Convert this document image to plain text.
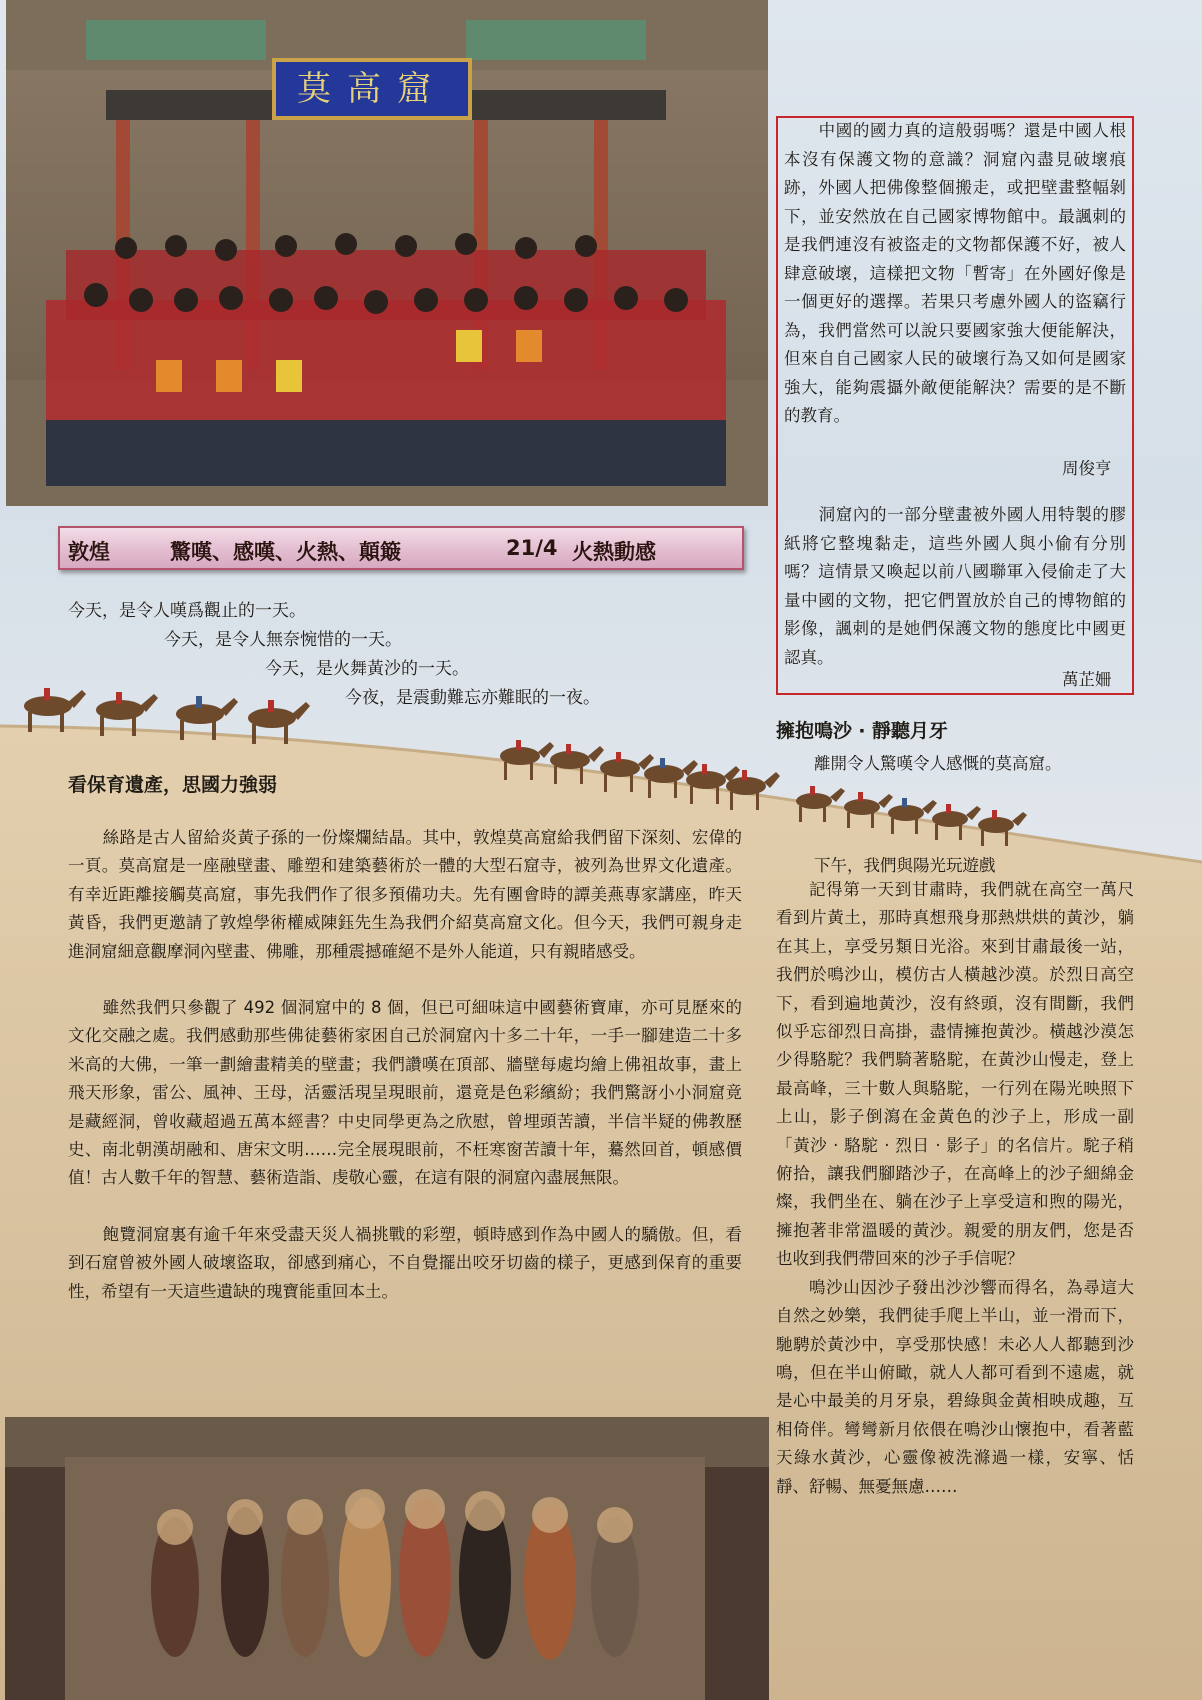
莫高窟
敦煌	驚嘆、感嘆、火熱、顛簸	21/4 火熱動感
今天，是令人嘆爲觀止的一天。
今天，是令人無奈惋惜的一天。
今天，是火舞黃沙的一天。
今夜，是震動難忘亦難眠的一夜。
看保育遺產，思國力強弱

絲路是古人留給炎黃子孫的一份燦爛結晶。其中，敦煌莫高窟給我們留下深刻、宏偉的一頁。莫高窟是一座融壁畫、雕塑和建築藝術於一體的大型石窟寺，被列為世界文化遺產。有幸近距離接觸莫高窟，事先我們作了很多預備功夫。先有團會時的譚美燕專家講座，昨天黃昏，我們更邀請了敦煌學術權威陳鈺先生為我們介紹莫高窟文化。但今天，我們可親身走進洞窟細意觀摩洞內壁畫、佛雕，那種震撼確絕不是外人能道，只有親睹感受。

雖然我們只參觀了 492 個洞窟中的 8 個，但已可細味這中國藝術寶庫，亦可見歷來的文化交融之處。我們感動那些佛徒藝術家困自己於洞窟內十多二十年，一手一腳建造二十多米高的大佛，一筆一劃繪畫精美的壁畫；我們讚嘆在頂部、牆壁每處均繪上佛祖故事，畫上飛天形象，雷公、風神、王母，活靈活現呈現眼前，還竟是色彩繽紛；我們驚訝小小洞窟竟是藏經洞，曾收藏超過五萬本經書？中史同學更為之欣慰，曾埋頭苦讀，半信半疑的佛教歷史、南北朝漢胡融和、唐宋文明……完全展現眼前，不枉寒窗苦讀十年，驀然回首，頓感價值！古人數千年的智慧、藝術造詣、虔敬心靈，在這有限的洞窟內盡展無限。

飽覽洞窟裏有逾千年來受盡天災人禍挑戰的彩塑，頓時感到作為中國人的驕傲。但，看到石窟曾被外國人破壞盜取，卻感到痛心，不自覺擺出咬牙切齒的樣子，更感到保育的重要性，希望有一天這些遺缺的瑰寶能重回本土。

中國的國力真的這般弱嗎？還是中國人根本沒有保護文物的意識？洞窟內盡見破壞痕跡，外國人把佛像整個搬走，或把壁畫整幅剝下，並安然放在自己國家博物館中。最諷刺的是我們連沒有被盜走的文物都保護不好，被人肆意破壞，這樣把文物「暫寄」在外國好像是一個更好的選擇。若果只考慮外國人的盜竊行為，我們當然可以說只要國家強大便能解決，但來自自己國家人民的破壞行為又如何是國家強大，能夠震攝外敵便能解決？需要的是不斷的教育。

周俊亨

洞窟內的一部分壁畫被外國人用特製的膠紙將它整塊黏走，這些外國人與小偷有分別嗎？這情景又喚起以前八國聯軍入侵偷走了大量中國的文物，把它們置放於自己的博物館的影像，諷刺的是她們保護文物的態度比中國更認真。

萬芷姍
擁抱鳴沙 ‧ 靜聽月牙
離開令人驚嘆令人感慨的莫高窟。
下午，我們與陽光玩遊戲

記得第一天到甘肅時，我們就在高空一萬尺看到片黃土，那時真想飛身那熱烘烘的黃沙，躺在其上，享受另類日光浴。來到甘肅最後一站，我們於鳴沙山，模仿古人橫越沙漠。於烈日高空下，看到遍地黃沙，沒有終頭，沒有間斷，我們似乎忘卻烈日高掛，盡情擁抱黃沙。橫越沙漠怎少得駱駝？我們騎著駱駝，在黃沙山慢走，登上最高峰，三十數人與駱駝，一行列在陽光映照下上山，影子倒瀉在金黃色的沙子上，形成一副「黃沙 ‧ 駱駝 ‧ 烈日 ‧ 影子」的名信片。駝子稍俯拾，讓我們腳踏沙子，在高峰上的沙子細綿金燦，我們坐在、躺在沙子上享受這和煦的陽光，擁抱著非常溫暖的黃沙。親愛的朋友們，您是否也收到我們帶回來的沙子手信呢？

鳴沙山因沙子發出沙沙響而得名，為尋這大自然之妙樂，我們徒手爬上半山，並一滑而下，馳騁於黃沙中，享受那快感！未必人人都聽到沙鳴，但在半山俯瞰，就人人都可看到不遠處，就是心中最美的月牙泉，碧綠與金黃相映成趣，互相倚伴。彎彎新月依偎在鳴沙山懷抱中，看著藍天綠水黃沙，心靈像被洗滌過一樣，安寧、恬靜、舒暢、無憂無慮……
